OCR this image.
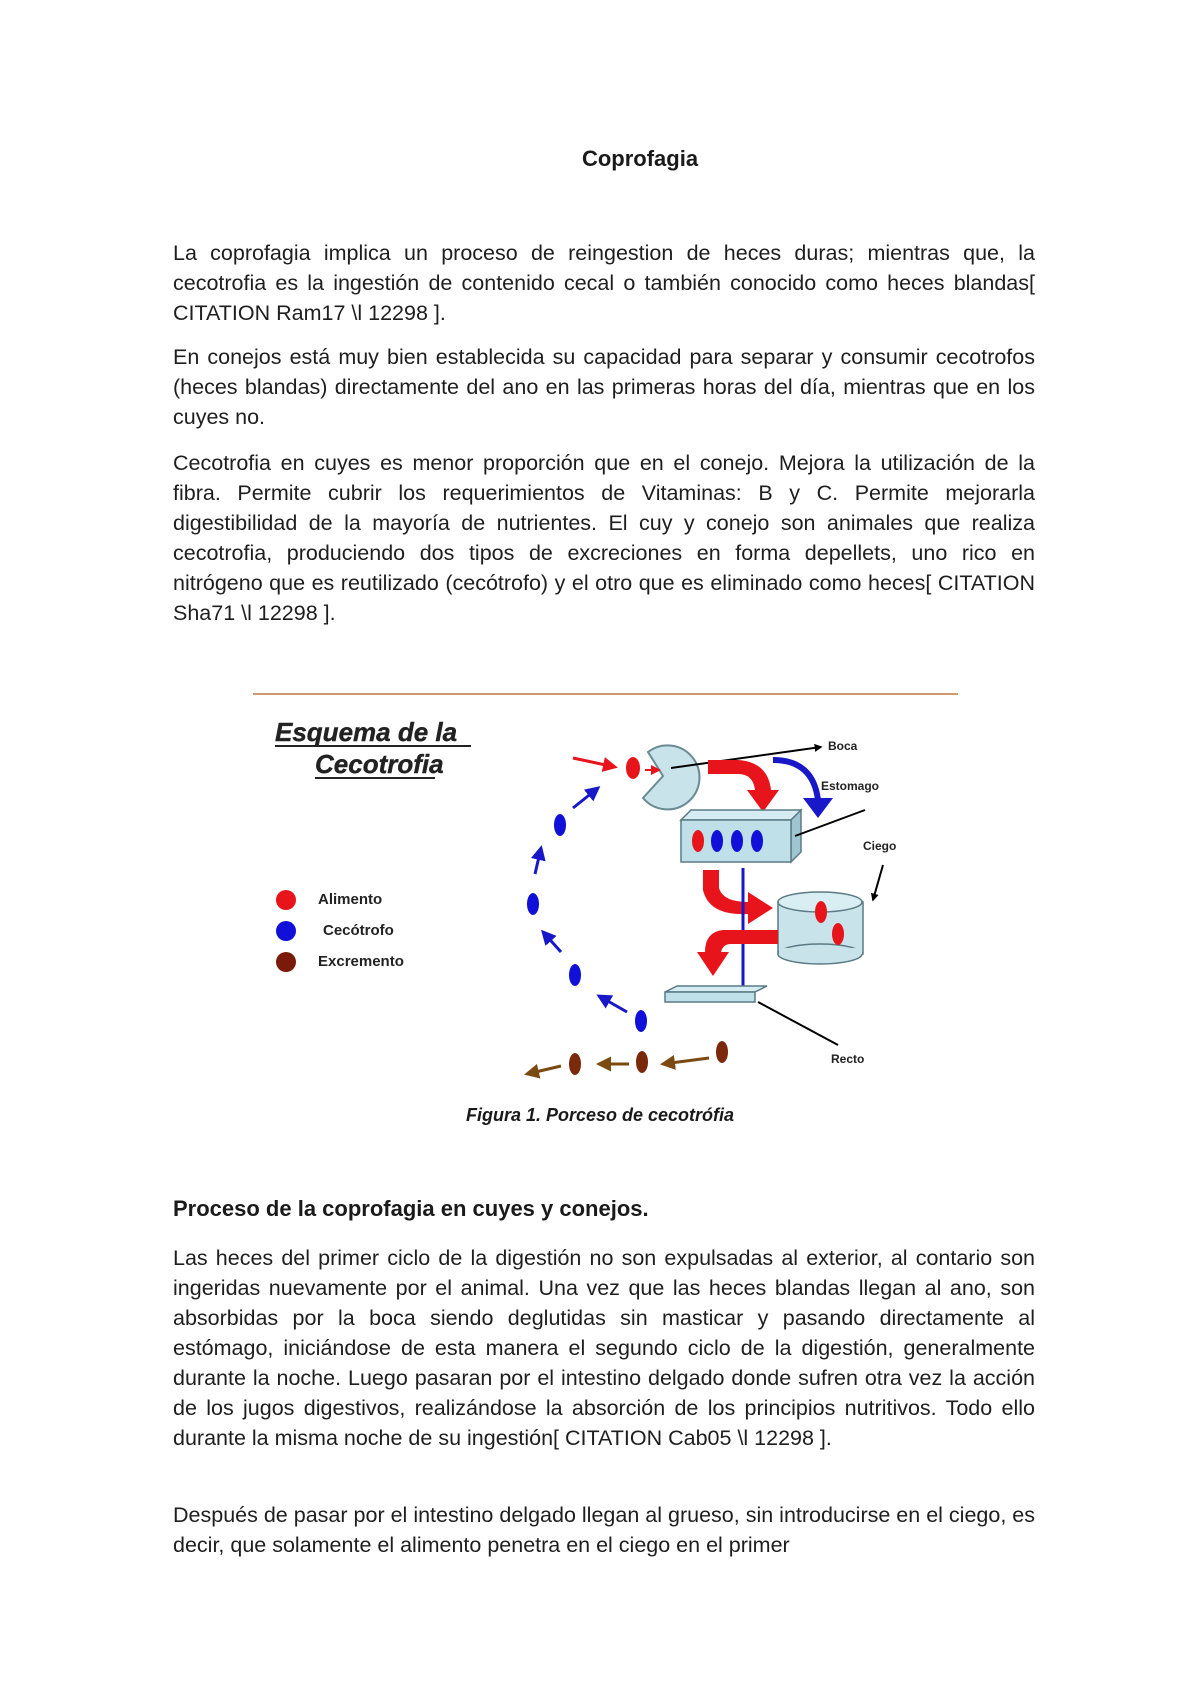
Coprofagia

La coprofagia implica un proceso de reingestion de heces duras; mientras que, la cecotrofia es la ingestión de contenido cecal o también conocido como heces blandas[ CITATION Ram17 \l 12298 ].

En conejos está muy bien establecida su capacidad para separar y consumir cecotrofos (heces blandas) directamente del ano en las primeras horas del día, mientras que en los cuyes no.

Cecotrofia en cuyes es menor proporción que en el conejo. Mejora la utilización de la fibra. Permite cubrir los requerimientos de Vitaminas: B y C. Permite mejorarla digestibilidad de la mayoría de nutrientes. El cuy y conejo son animales que realiza cecotrofia, produciendo dos tipos de excreciones en forma depellets, uno rico en nitrógeno que es reutilizado (cecótrofo) y el otro que es eliminado como heces[ CITATION Sha71 \l 12298 ].

Esquema de la
Cecotrofia
Alimento
Cecótrofo
Excremento
Boca
Estomago
Ciego
Recto

Figura 1. Porceso de cecotrófia

Proceso de la coprofagia en cuyes y conejos.

Las heces del primer ciclo de la digestión no son expulsadas al exterior, al contario son ingeridas nuevamente por el animal. Una vez que las heces blandas llegan al ano, son absorbidas por la boca siendo deglutidas sin masticar y pasando directamente al estómago, iniciándose de esta manera el segundo ciclo de la digestión, generalmente durante la noche. Luego pasaran por el intestino delgado donde sufren otra vez la acción de los jugos digestivos, realizándose la absorción de los principios nutritivos. Todo ello durante la misma noche de su ingestión[ CITATION Cab05 \l 12298 ].

Después de pasar por el intestino delgado llegan al grueso, sin introducirse en el ciego, es decir, que solamente el alimento penetra en el ciego en el primer
